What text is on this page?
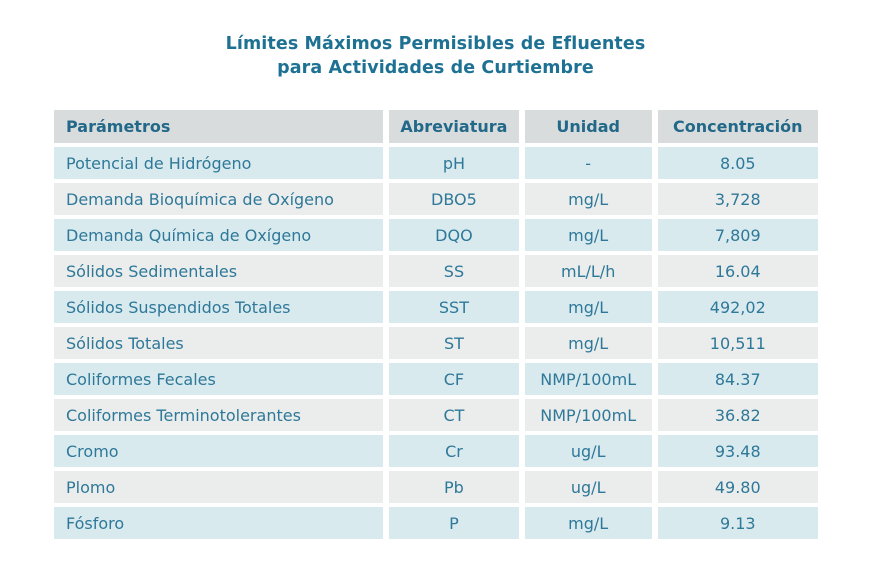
Límites Máximos Permisibles de Efluentes
para Actividades de Curtiembre
Parámetros	Abreviatura	Unidad	Concentración
Potencial de Hidrógeno	pH	-	8.05
Demanda Bioquímica de Oxígeno	DBO5	mg/L	3,728
Demanda Química de Oxígeno	DQO	mg/L	7,809
Sólidos Sedimentales	SS	mL/L/h	16.04
Sólidos Suspendidos Totales	SST	mg/L	492,02
Sólidos Totales	ST	mg/L	10,511
Coliformes Fecales	CF	NMP/100mL	84.37
Coliformes Terminotolerantes	CT	NMP/100mL	36.82
Cromo	Cr	ug/L	93.48
Plomo	Pb	ug/L	49.80
Fósforo	P	mg/L	9.13
